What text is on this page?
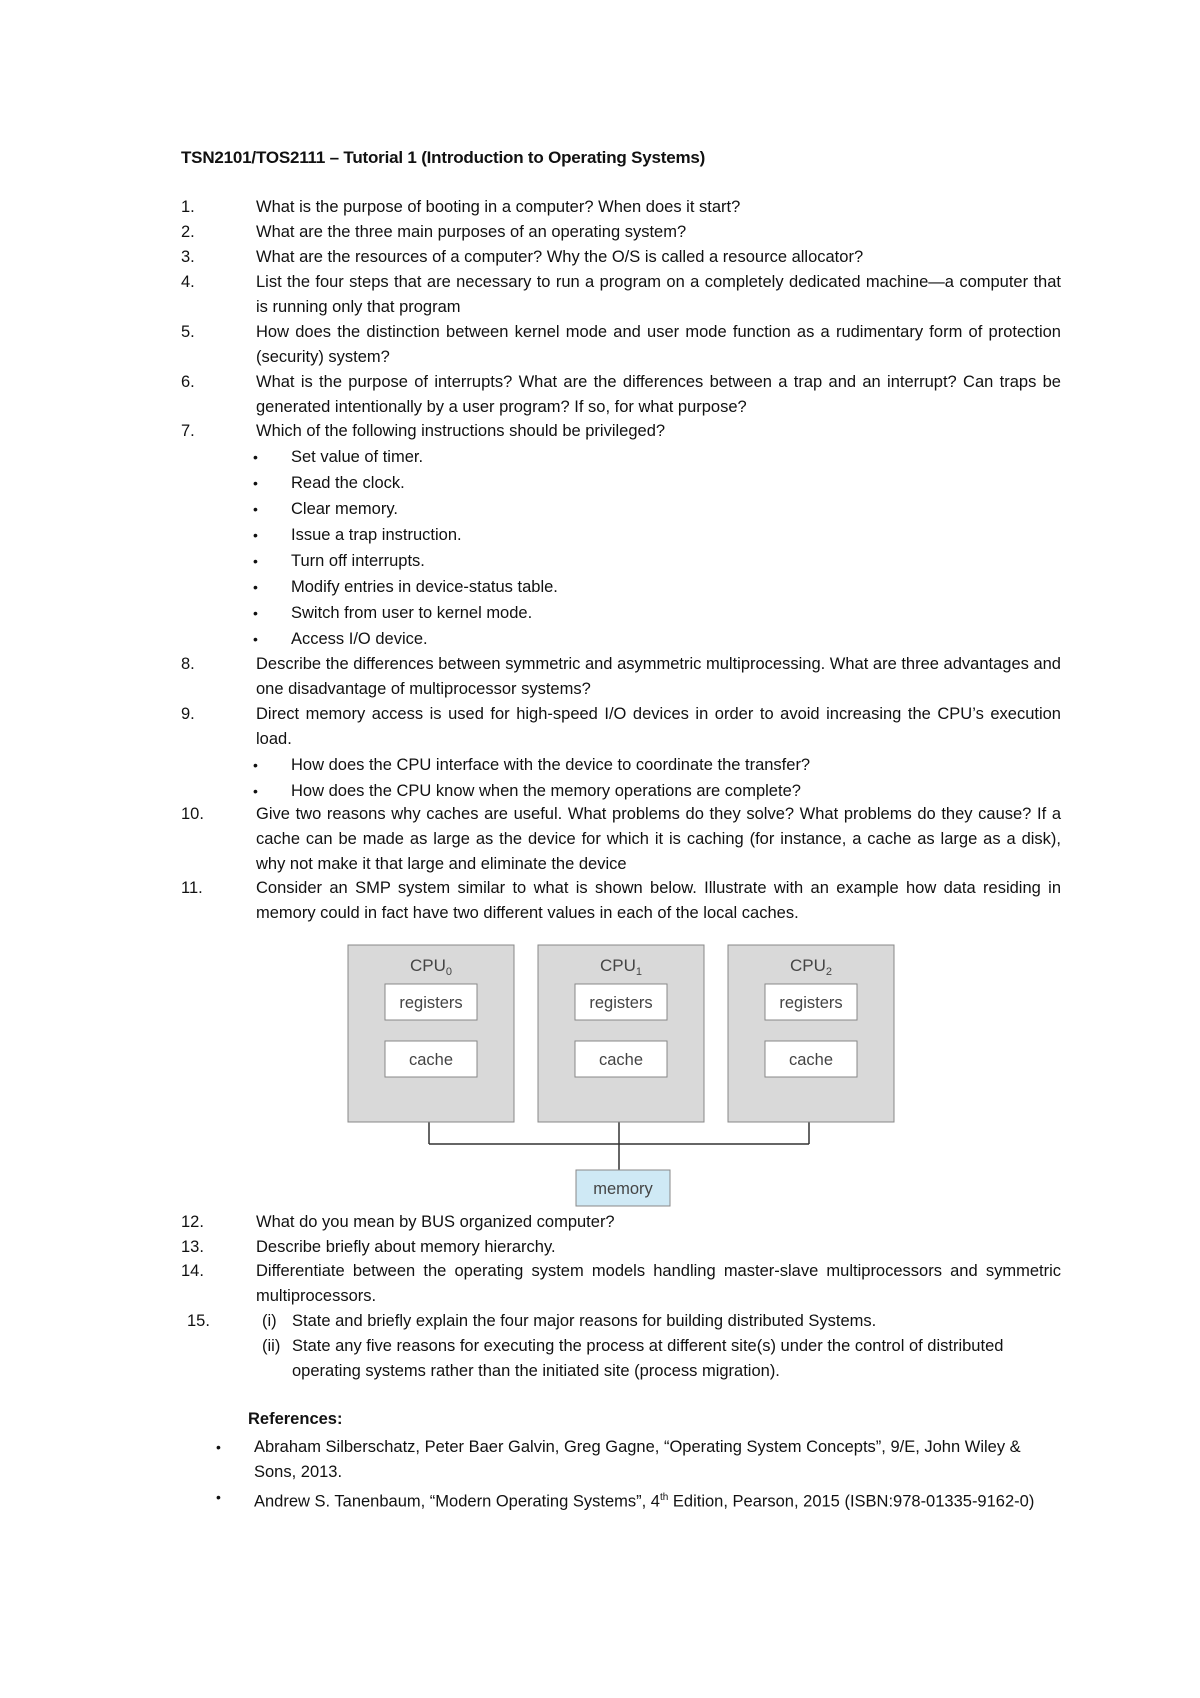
TSN2101/TOS2111 – Tutorial 1 (Introduction to Operating Systems)
1.	What is the purpose of booting in a computer? When does it start?
2.	What are the three main purposes of an operating system?
3.	What are the resources of a computer? Why the O/S is called a resource allocator?
4.	List the four steps that are necessary to run a program on a completely dedicated machine—a computer that is running only that program
5.	How does the distinction between kernel mode and user mode function as a rudimentary form of protection (security) system?
6.	What is the purpose of interrupts? What are the differences between a trap and an interrupt? Can traps be generated intentionally by a user program? If so, for what purpose?
7.	Which of the following instructions should be privileged?
• Set value of timer.
• Read the clock.
• Clear memory.
• Issue a trap instruction.
• Turn off interrupts.
• Modify entries in device-status table.
• Switch from user to kernel mode.
• Access I/O device.
8.	Describe the differences between symmetric and asymmetric multiprocessing. What are three advantages and one disadvantage of multiprocessor systems?
9.	Direct memory access is used for high-speed I/O devices in order to avoid increasing the CPU’s execution load.
• How does the CPU interface with the device to coordinate the transfer?
• How does the CPU know when the memory operations are complete?
10.	Give two reasons why caches are useful. What problems do they solve? What problems do they cause? If a cache can be made as large as the device for which it is caching (for instance, a cache as large as a disk), why not make it that large and eliminate the device
11.	Consider an SMP system similar to what is shown below. Illustrate with an example how data residing in memory could in fact have two different values in each of the local caches.
$CPU_0$
registers
cache
$CPU_1$
registers
cache
$CPU_2$
registers
cache
memory
12.	What do you mean by BUS organized computer?
13.	Describe briefly about memory hierarchy.
14.	Differentiate between the operating system models handling master-slave multiprocessors and symmetric multiprocessors.
15.	(i) State and briefly explain the four major reasons for building distributed Systems.
(ii) State any five reasons for executing the process at different site(s) under the control of distributed operating systems rather than the initiated site (process migration).
References:
• Abraham Silberschatz, Peter Baer Galvin, Greg Gagne, “Operating System Concepts”, 9/E, John Wiley & Sons, 2013.
• Andrew S. Tanenbaum, “Modern Operating Systems”, 4th Edition, Pearson, 2015 (ISBN:978-01335-9162-0)
